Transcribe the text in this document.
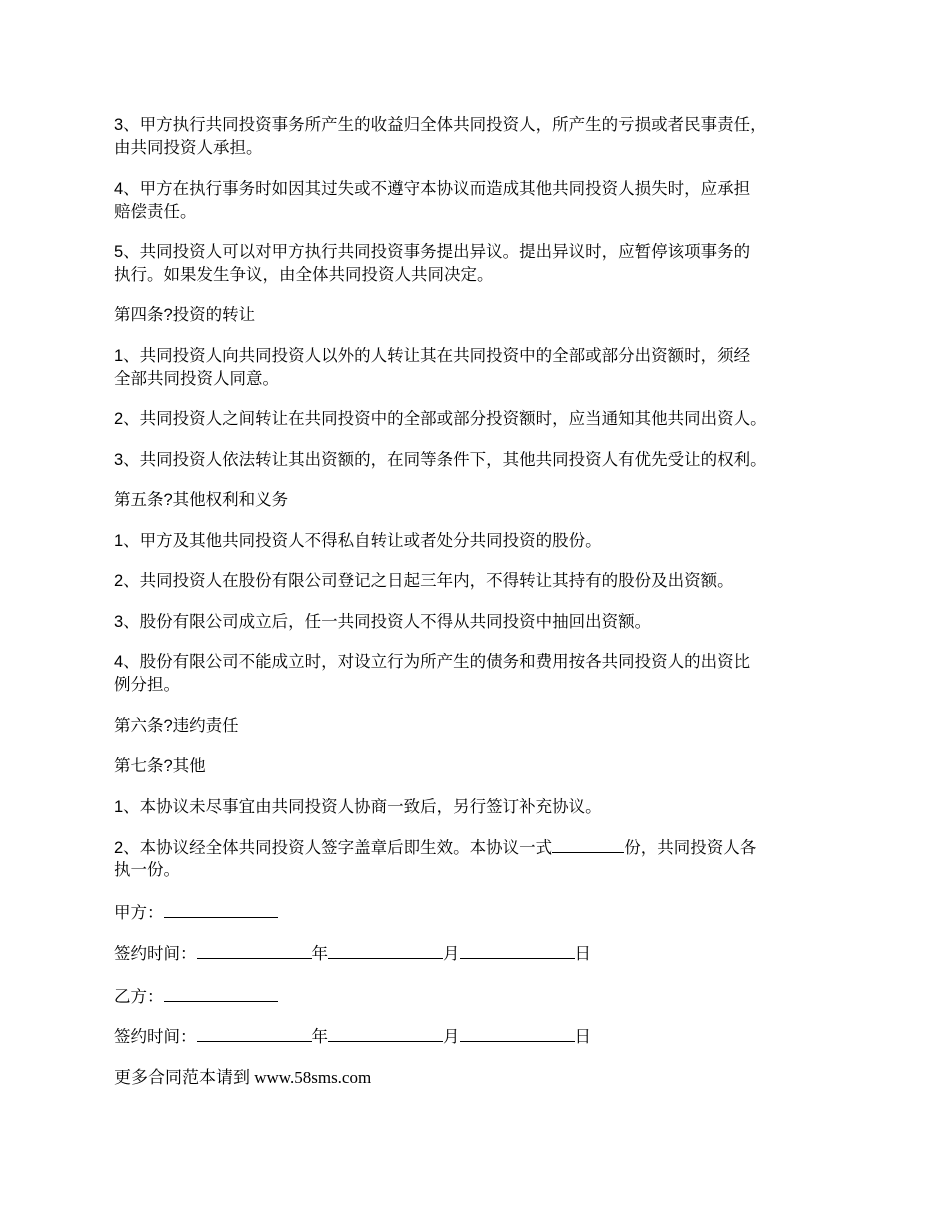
3、甲方执行共同投资事务所产生的收益归全体共同投资人，所产生的亏损或者民事责任，
由共同投资人承担。
4、甲方在执行事务时如因其过失或不遵守本协议而造成其他共同投资人损失时，应承担
赔偿责任。
5、共同投资人可以对甲方执行共同投资事务提出异议。提出异议时，应暂停该项事务的
执行。如果发生争议，由全体共同投资人共同决定。
第四条?投资的转让
1、共同投资人向共同投资人以外的人转让其在共同投资中的全部或部分出资额时，须经
全部共同投资人同意。
2、共同投资人之间转让在共同投资中的全部或部分投资额时，应当通知其他共同出资人。
3、共同投资人依法转让其出资额的，在同等条件下，其他共同投资人有优先受让的权利。
第五条?其他权利和义务
1、甲方及其他共同投资人不得私自转让或者处分共同投资的股份。
2、共同投资人在股份有限公司登记之日起三年内，不得转让其持有的股份及出资额。
3、股份有限公司成立后，任一共同投资人不得从共同投资中抽回出资额。
4、股份有限公司不能成立时，对设立行为所产生的债务和费用按各共同投资人的出资比
例分担。
第六条?违约责任
第七条?其他
1、本协议未尽事宜由共同投资人协商一致后，另行签订补充协议。
2、本协议经全体共同投资人签字盖章后即生效。本协议一式	份，共同投资人各
执一份。
甲方：
签约时间：	年	月	日
乙方：
签约时间：	年	月	日
更多合同范本请到 www.58sms.com
